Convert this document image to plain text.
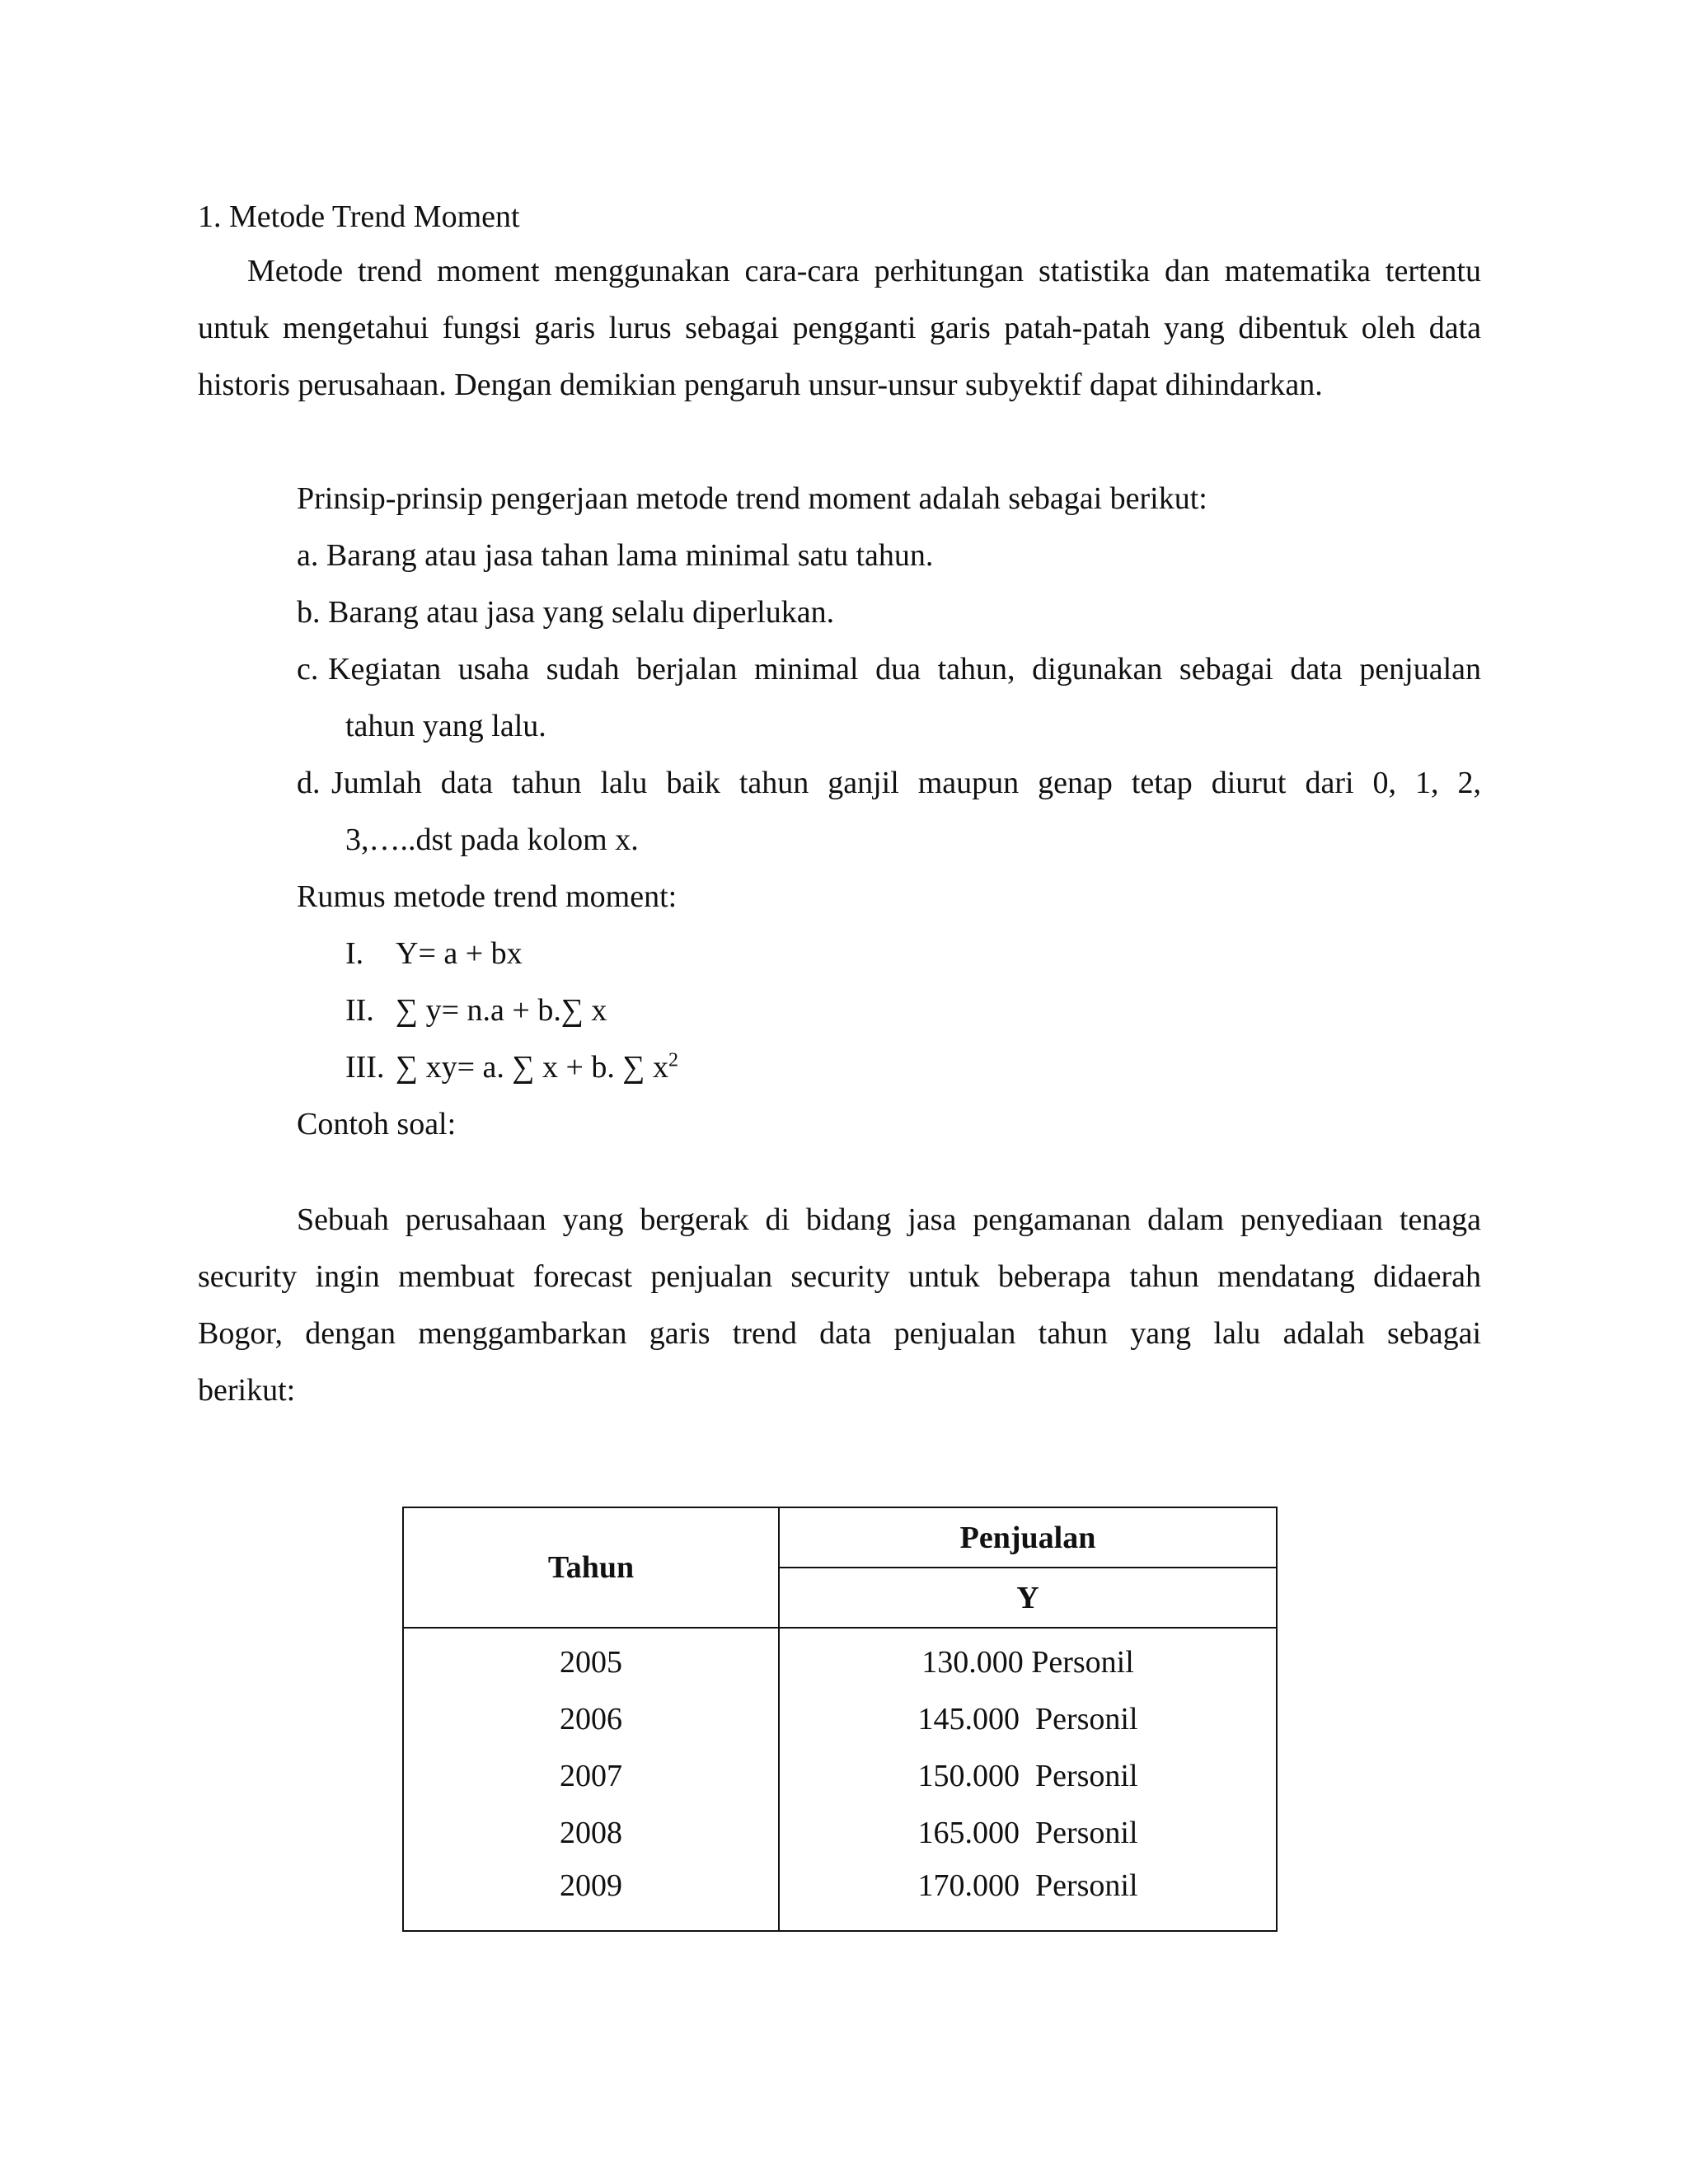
1. Metode Trend Moment
Metode trend moment menggunakan cara-cara perhitungan statistika dan matematika tertentu
untuk mengetahui fungsi garis lurus sebagai pengganti garis patah-patah yang dibentuk oleh data
historis perusahaan. Dengan demikian pengaruh unsur-unsur subyektif dapat dihindarkan.
Prinsip-prinsip pengerjaan metode trend moment adalah sebagai berikut:
a. Barang atau jasa tahan lama minimal satu tahun.
b. Barang atau jasa yang selalu diperlukan.
c. Kegiatan usaha sudah berjalan minimal dua tahun, digunakan sebagai data penjualan
tahun yang lalu.
d. Jumlah data tahun lalu baik tahun ganjil maupun genap tetap diurut dari 0, 1, 2,
3,…..dst pada kolom x.
Rumus metode trend moment:
I. Y= a + bx
II. ∑ y= n.a + b.∑ x
III. ∑ xy= a. ∑ x + b. ∑ $x^2$
Contoh soal:
Sebuah perusahaan yang bergerak di bidang jasa pengamanan dalam penyediaan tenaga
security ingin membuat forecast penjualan security untuk beberapa tahun mendatang didaerah
Bogor, dengan menggambarkan garis trend data penjualan tahun yang lalu adalah sebagai
berikut:
Tahun	Penjualan
	Y
2005	130.000 Personil
2006	145.000  Personil
2007	150.000  Personil
2008	165.000  Personil
2009	170.000  Personil
